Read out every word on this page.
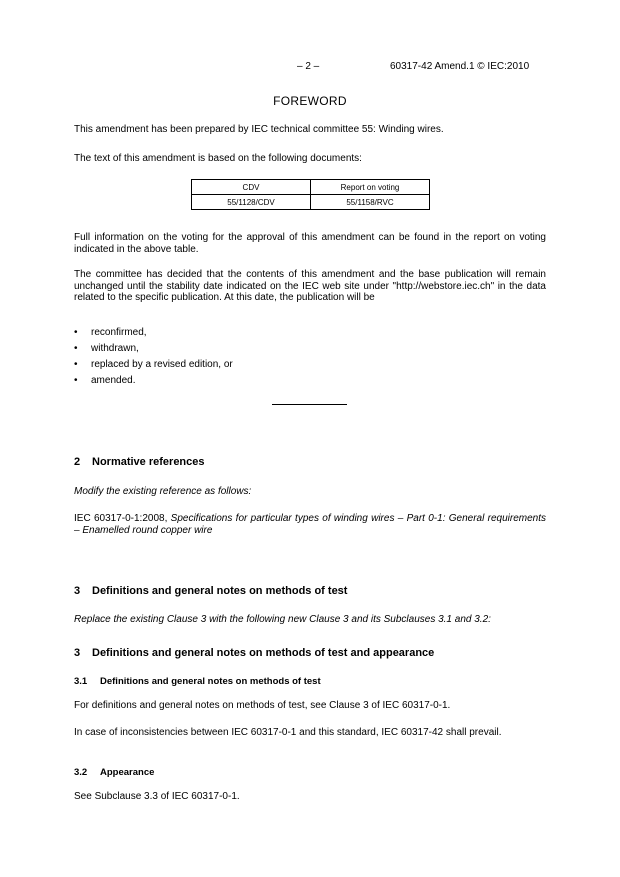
– 2 –	60317-42 Amend.1 © IEC:2010
FOREWORD

This amendment has been prepared by IEC technical committee 55: Winding wires.

The text of this amendment is based on the following documents:

CDV	Report on voting
55/1128/CDV	55/1158/RVC

Full information on the voting for the approval of this amendment can be found in the report on voting indicated in the above table.

The committee has decided that the contents of this amendment and the base publication will remain unchanged until the stability date indicated on the IEC web site under "http://webstore.iec.ch" in the data related to the specific publication. At this date, the publication will be

• reconfirmed,
• withdrawn,
• replaced by a revised edition, or
• amended.
2 Normative references

Modify the existing reference as follows:

IEC 60317-0-1:2008, Specifications for particular types of winding wires – Part 0-1: General requirements – Enamelled round copper wire

3 Definitions and general notes on methods of test

Replace the existing Clause 3 with the following new Clause 3 and its Subclauses 3.1 and 3.2:

3 Definitions and general notes on methods of test and appearance
3.1 Definitions and general notes on methods of test

For definitions and general notes on methods of test, see Clause 3 of IEC 60317-0-1.

In case of inconsistencies between IEC 60317-0-1 and this standard, IEC 60317-42 shall prevail.

3.2 Appearance

See Subclause 3.3 of IEC 60317-0-1.
